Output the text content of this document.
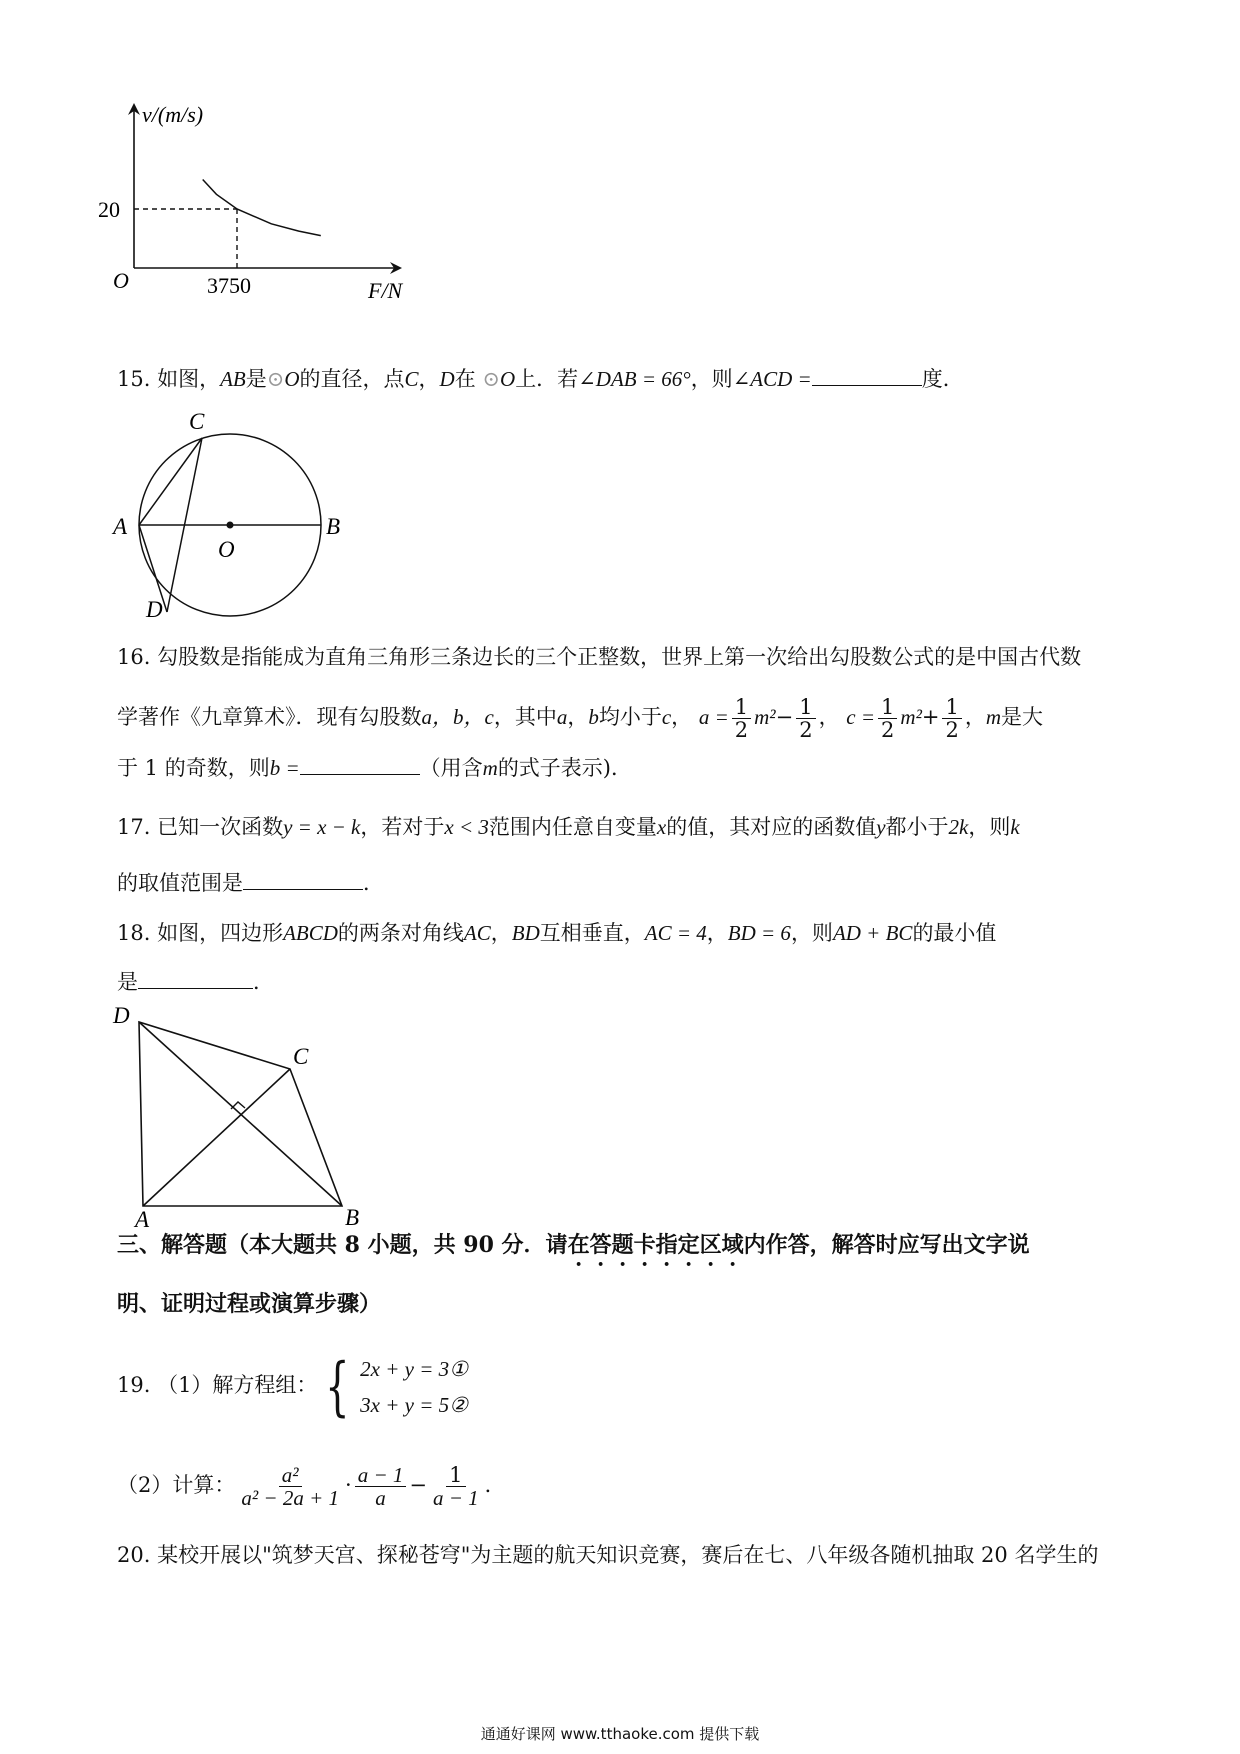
v/(m/s)
F/N
O
20
3750
15. 如图，AB是⊙O的直径，点C，D在 ⊙O上．若∠DAB = 66°，则∠ACD =	度．
A	B
C
D
O
16. 勾股数是指能成为直角三角形三条边长的三个正整数，世界上第一次给出勾股数公式的是中国古代数
学著作《九章算术》．现有勾股数a，b，c，其中a，b均小于c， $a = \frac{1}{2} m^2- \frac{1}{2}$ ， $c = \frac{1}{2} m^2+ \frac{1}{2}$ ，m是大
于 1 的奇数，则b =	（用含m的式子表示)．
17. 已知一次函数y = x − k，若对于x < 3范围内任意自变量x的值，其对应的函数值y都小于2k，则k
的取值范围是	．
18. 如图，四边形ABCD的两条对角线AC，BD互相垂直，AC = 4，BD = 6，则AD + BC的最小值
是	．
A	B
C
D
三、解答题（本大题共 8 小题，共 90 分．请在答题卡指定区域内作答，解答时应写出文字说
明、证明过程或演算步骤）
19. （1）解方程组： { 2x + y = 3①
3x + y = 5②
（2）计算： $\frac{\text{a²}}{\text{a² − 2a + 1}} \cdot \frac{a - 1}{a} - \frac{1}{a - 1}$ ．
20. 某校开展以"筑梦天宫、探秘苍穹"为主题的航天知识竞赛，赛后在七、八年级各随机抽取 20 名学生的
通通好课网 www.tthaoke.com 提供下载
